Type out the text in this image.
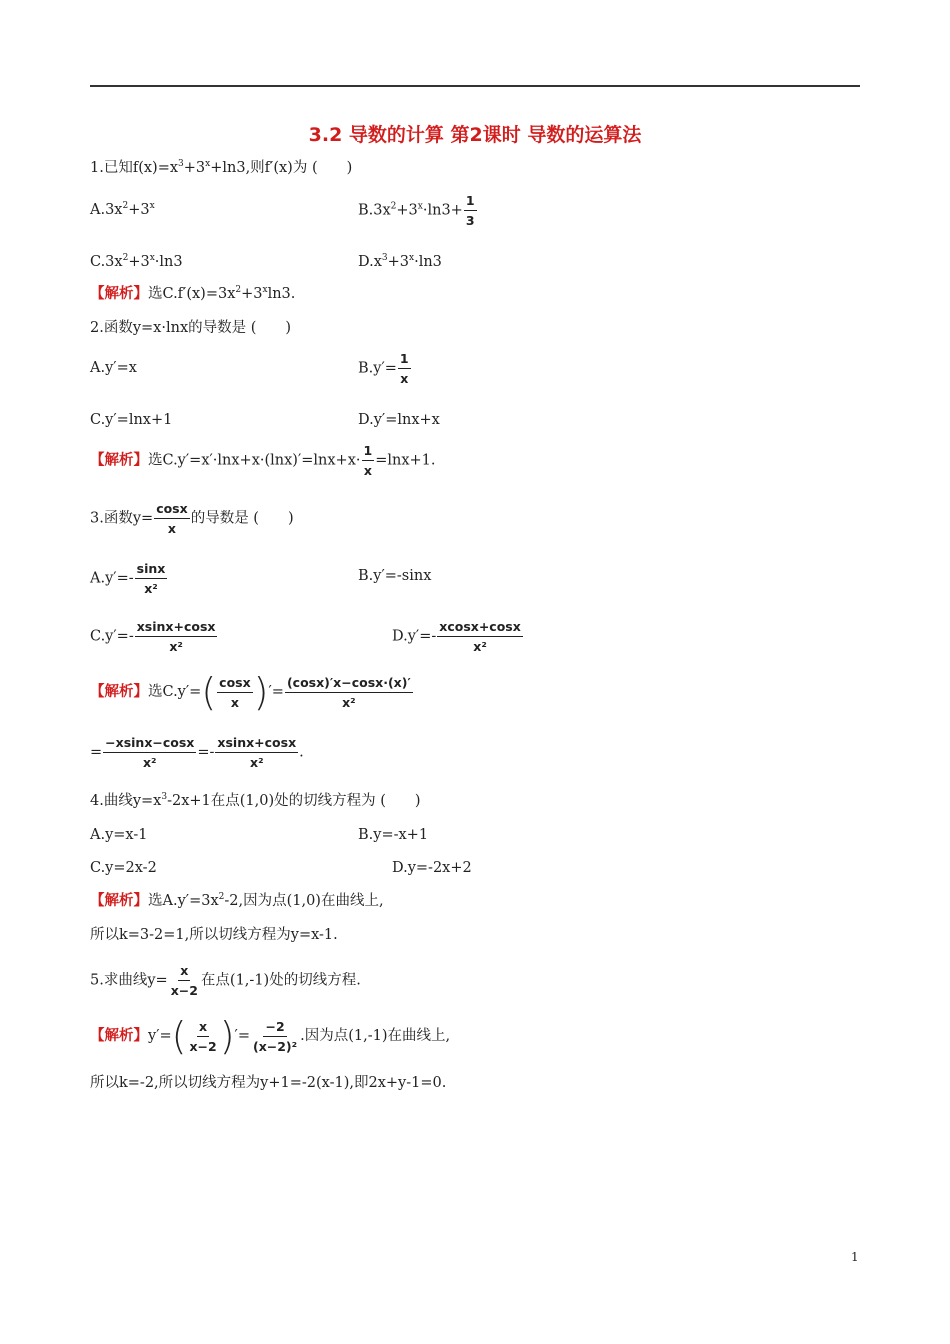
3.2 导数的计算 第2课时 导数的运算法
1.已知$f(x)=x^3+3^x+\ln 3$,则f′(x)为 (　　)
$A.3x^2+3^x$	$B.3x^2+3^x\cdot\ln 3+ \frac{1}{3}$
$C.3x^2+3^x\cdot\ln 3$	$D.x^3+3^x\cdot\ln 3$
【解析】选$C.f'(x)=3x^2+3^x\ln 3$.
2.函数y=x·lnx的导数是 (　　)
A.y′=x	$B.y'= \frac{1}{x}$
C.y′=lnx+1	D.y′=lnx+x
【解析】选$C.y'=x'\cdot\ln x+x\cdot(\ln x)'=\ln x+x\cdot \frac{1}{x} =\ln x+1$.
3.函数$y= \frac{\cos x}{x}$ 的导数是 (　　)
$A.y'=- \frac{\sin x}{\text{x²}}$	B.y′=-sinx
$C.y'=- \frac{xsinx+\cos x}{\text{x²}}$	$D.y'=- \frac{xcosx+\cos x}{\text{x²}}$
【解析】选C.y′= ( cosx
x ) ′= $\frac{(\cos x)'x-\cos x\cdot(x)'}{\text{x²}}$
= $\frac{-xsinx-\cos x}{\text{x²}} =- \frac{xsinx+\cos x}{\text{x²}}$ .
4.曲线$y=x^3-2x+1$在点(1,0)处的切线方程为 (　　)
A.y=x-1	B.y=-x+1
C.y=2x-2	D.y=-2x+2
【解析】选$A.y'=3x^2-2$,因为点(1,0)在曲线上,
所以k=3-2=1,所以切线方程为y=x-1.
5.求曲线$y= \frac{x}{x-2}$ 在点(1,-1)处的切线方程.
【解析】y′= ( x
x−2 ) ′= $\frac{-2}{\text{(x−2)²}}$ .因为点(1,-1)在曲线上,
所以k=-2,所以切线方程为y+1=-2(x-1),即2x+y-1=0.
1
